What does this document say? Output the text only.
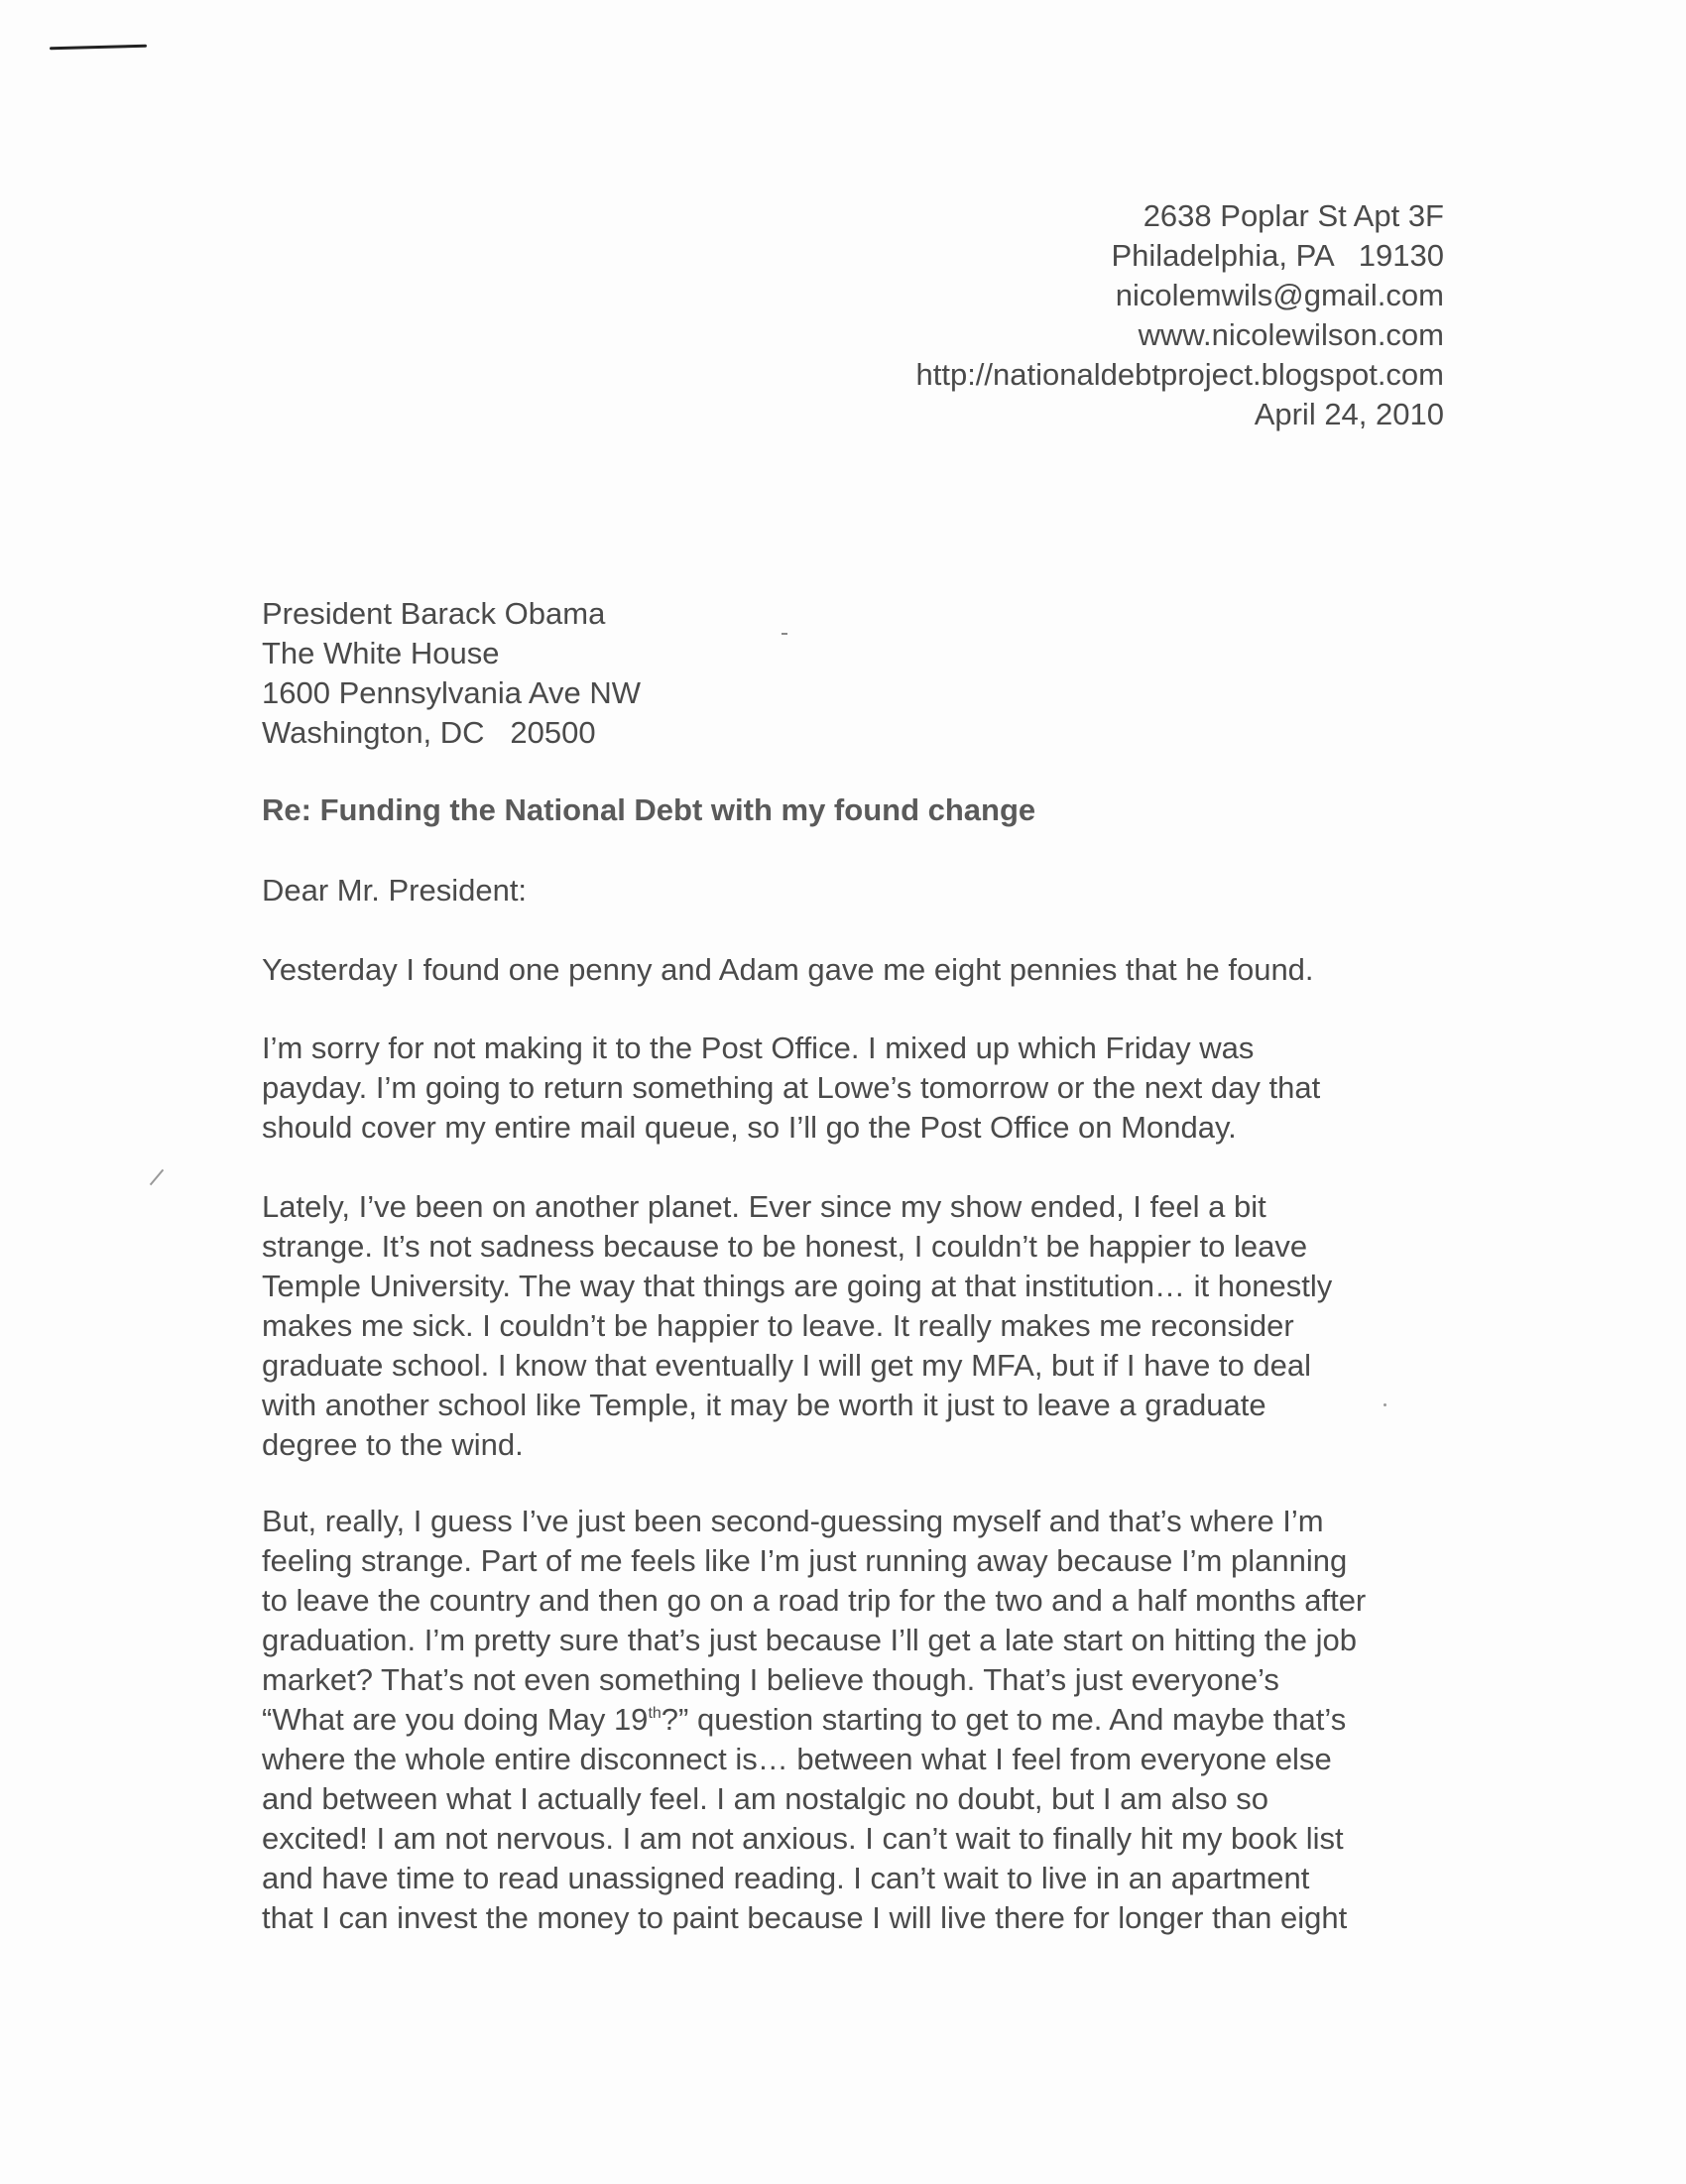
2638 Poplar St Apt 3F
Philadelphia, PA   19130
nicolemwils@gmail.com
www.nicolewilson.com
http://nationaldebtproject.blogspot.com
April 24, 2010
President Barack Obama
The White House
1600 Pennsylvania Ave NW
Washington, DC   20500
Re: Funding the National Debt with my found change
Dear Mr. President:
Yesterday I found one penny and Adam gave me eight pennies that he found.
I’m sorry for not making it to the Post Office. I mixed up which Friday was
payday. I’m going to return something at Lowe’s tomorrow or the next day that
should cover my entire mail queue, so I’ll go the Post Office on Monday.
Lately, I’ve been on another planet. Ever since my show ended, I feel a bit
strange. It’s not sadness because to be honest, I couldn’t be happier to leave
Temple University. The way that things are going at that institution… it honestly
makes me sick. I couldn’t be happier to leave. It really makes me reconsider
graduate school. I know that eventually I will get my MFA, but if I have to deal
with another school like Temple, it may be worth it just to leave a graduate
degree to the wind.
But, really, I guess I’ve just been second-guessing myself and that’s where I’m
feeling strange. Part of me feels like I’m just running away because I’m planning
to leave the country and then go on a road trip for the two and a half months after
graduation. I’m pretty sure that’s just because I’ll get a late start on hitting the job
market? That’s not even something I believe though. That’s just everyone’s
“What are you doing May 19th?” question starting to get to me. And maybe that’s
where the whole entire disconnect is… between what I feel from everyone else
and between what I actually feel. I am nostalgic no doubt, but I am also so
excited! I am not nervous. I am not anxious. I can’t wait to finally hit my book list
and have time to read unassigned reading. I can’t wait to live in an apartment
that I can invest the money to paint because I will live there for longer than eight
